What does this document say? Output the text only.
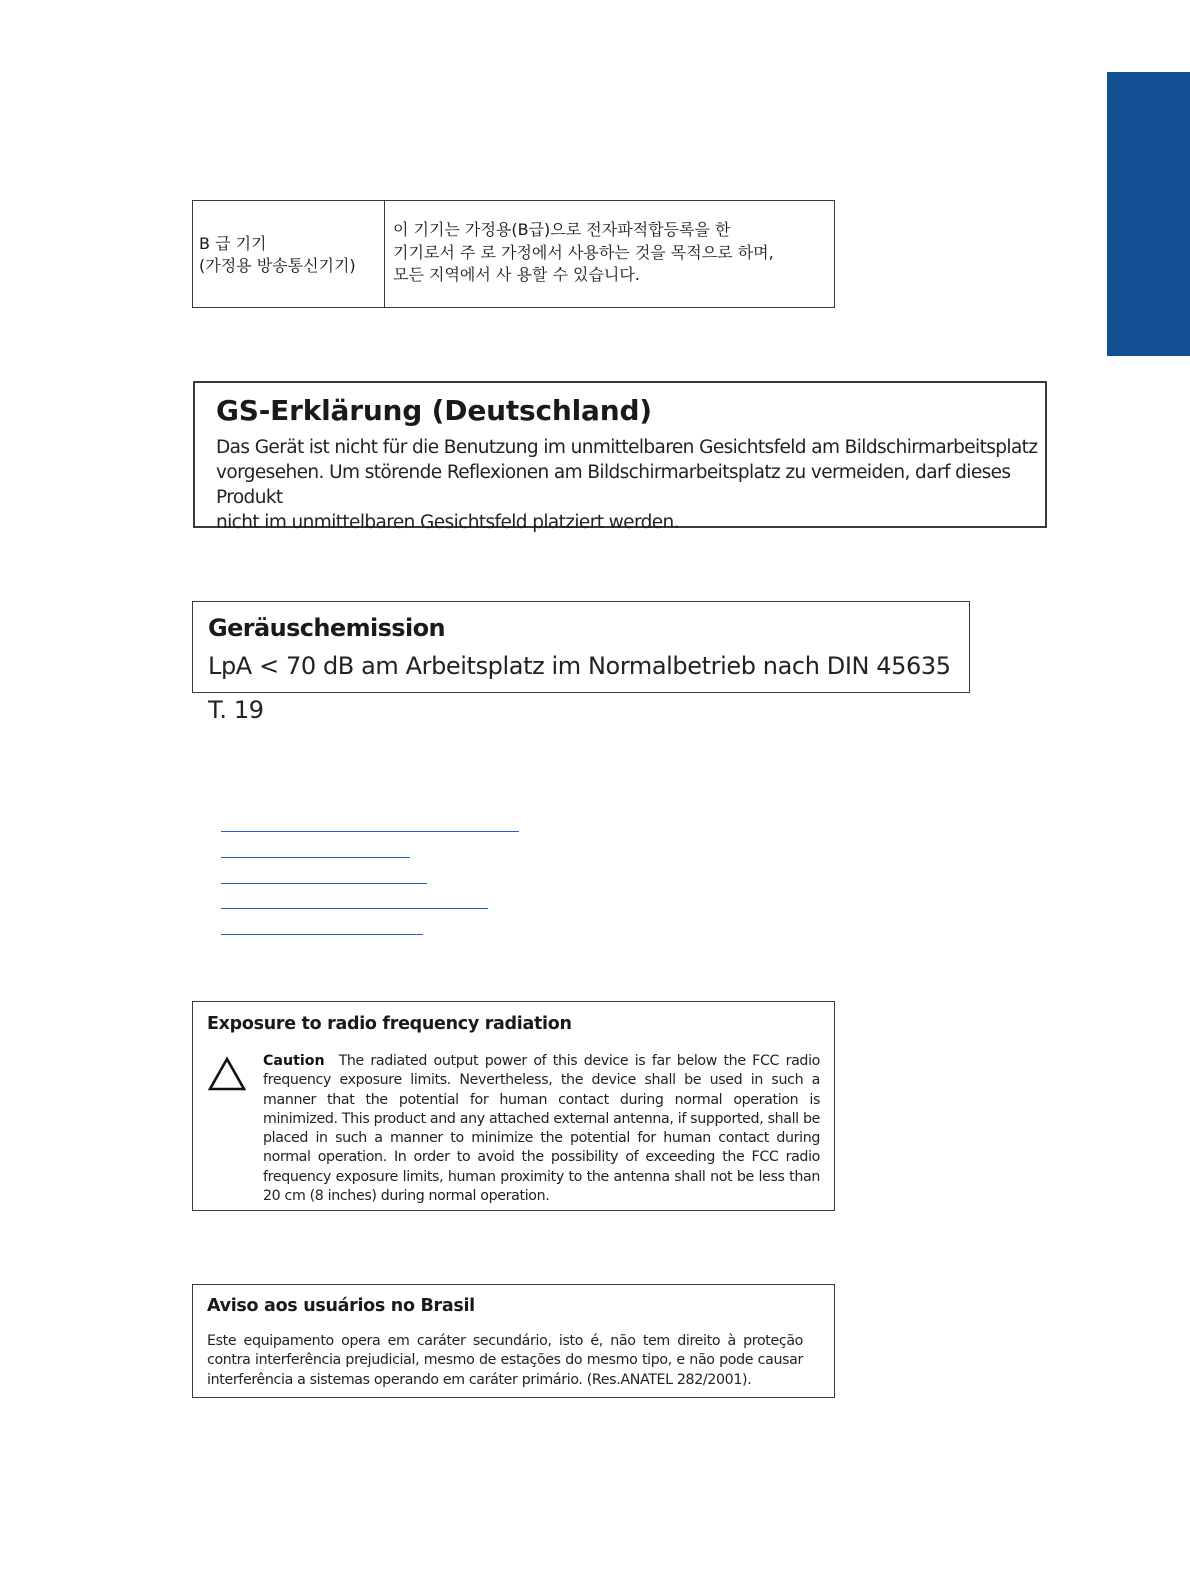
B 급 기기
(가정용 방송통신기기)
이 기기는 가정용(B급)으로 전자파적합등록을 한
기기로서 주 로 가정에서 사용하는 것을 목적으로 하며,
모든 지역에서 사 용할 수 있습니다.
GS-Erklärung (Deutschland)
Das Gerät ist nicht für die Benutzung im unmittelbaren Gesichtsfeld am Bildschirmarbeitsplatz
vorgesehen. Um störende Reflexionen am Bildschirmarbeitsplatz zu vermeiden, darf dieses Produkt
nicht im unmittelbaren Gesichtsfeld platziert werden.
Geräuschemission
LpA < 70 dB am Arbeitsplatz im Normalbetrieb nach DIN 45635 T. 19
Exposure to radio frequency radiation
Caution The radiated output power of this device is far below the FCC radio frequency exposure limits. Nevertheless, the device shall be used in such a manner that the potential for human contact during normal operation is minimized. This product and any attached external antenna, if supported, shall be placed in such a manner to minimize the potential for human contact during normal operation. In order to avoid the possibility of exceeding the FCC radio frequency exposure limits, human proximity to the antenna shall not be less than 20 cm (8 inches) during normal operation.
Aviso aos usuários no Brasil
Este equipamento opera em caráter secundário, isto é, não tem direito à proteção contra interferência prejudicial, mesmo de estações do mesmo tipo, e não pode causar interferência a sistemas operando em caráter primário. (Res.ANATEL 282/2001).
